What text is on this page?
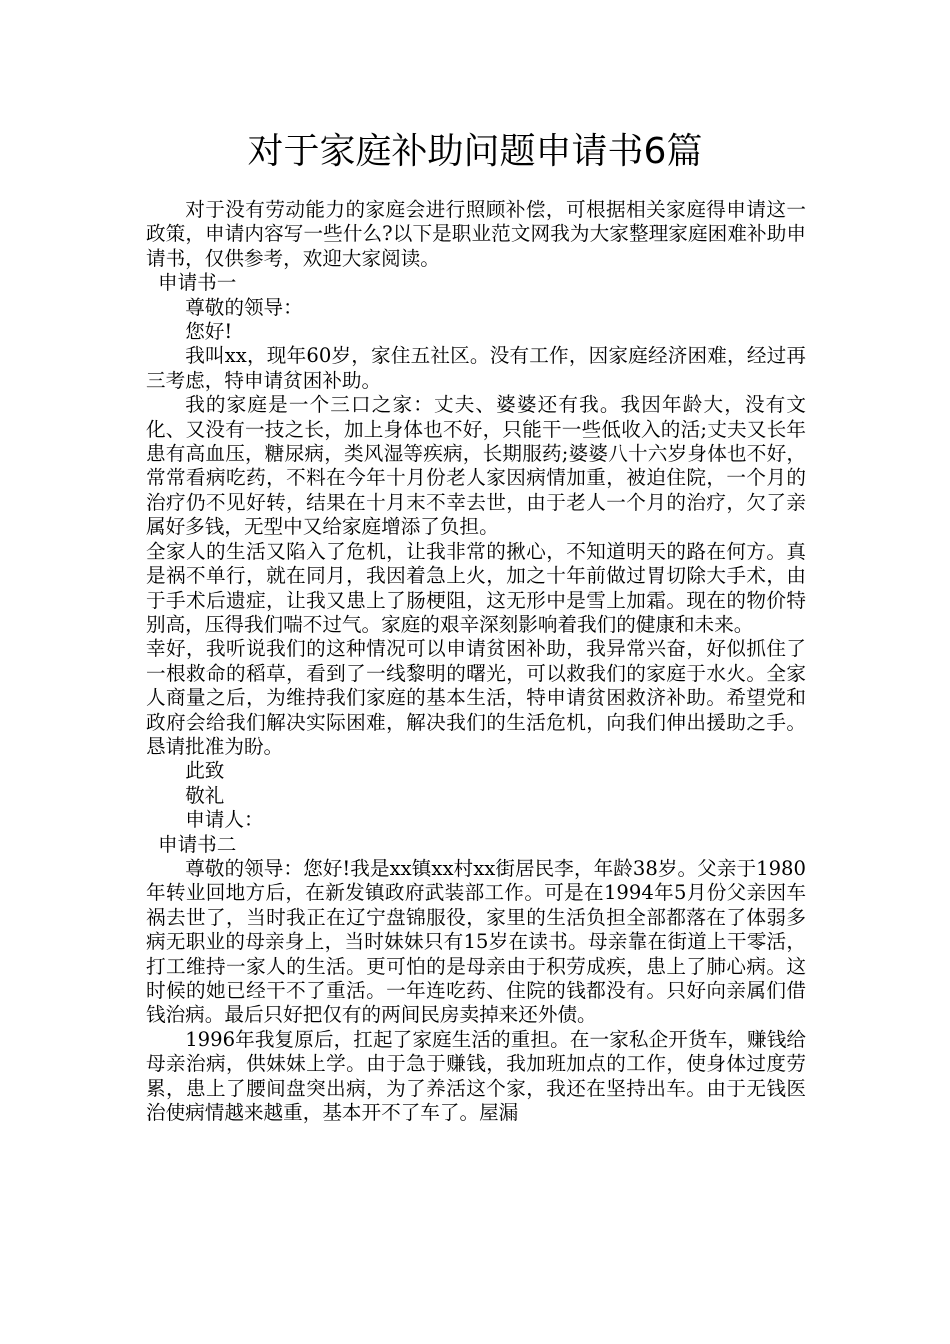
对于家庭补助问题申请书6篇

对于没有劳动能力的家庭会进行照顾补偿，可根据相关家庭得申请这一政策，申请内容写一些什么?以下是职业范文网我为大家整理家庭困难补助申请书，仅供参考，欢迎大家阅读。

申请书一

尊敬的领导：

您好!

我叫xx，现年60岁，家住五社区。没有工作，因家庭经济困难，经过再三考虑，特申请贫困补助。

我的家庭是一个三口之家：丈夫、婆婆还有我。我因年龄大，没有文化、又没有一技之长，加上身体也不好，只能干一些低收入的活;丈夫又长年患有高血压，糖尿病，类风湿等疾病，长期服药;婆婆八十六岁身体也不好，常常看病吃药，不料在今年十月份老人家因病情加重，被迫住院，一个月的治疗仍不见好转，结果在十月末不幸去世，由于老人一个月的治疗，欠了亲属好多钱，无型中又给家庭增添了负担。

全家人的生活又陷入了危机，让我非常的揪心，不知道明天的路在何方。真是祸不单行，就在同月，我因着急上火，加之十年前做过胃切除大手术，由于手术后遗症，让我又患上了肠梗阻，这无形中是雪上加霜。现在的物价特别高，压得我们喘不过气。家庭的艰辛深刻影响着我们的健康和未来。

幸好，我听说我们的这种情况可以申请贫困补助，我异常兴奋，好似抓住了一根救命的稻草，看到了一线黎明的曙光，可以救我们的家庭于水火。全家人商量之后，为维持我们家庭的基本生活，特申请贫困救济补助。希望党和政府会给我们解决实际困难，解决我们的生活危机，向我们伸出援助之手。恳请批准为盼。

此致

敬礼

申请人：

申请书二

尊敬的领导：您好!我是xx镇xx村xx街居民李，年龄38岁。父亲于1980年转业回地方后，在新发镇政府武装部工作。可是在1994年5月份父亲因车祸去世了，当时我正在辽宁盘锦服役，家里的生活负担全部都落在了体弱多病无职业的母亲身上，当时妹妹只有15岁在读书。母亲靠在街道上干零活，打工维持一家人的生活。更可怕的是母亲由于积劳成疾，患上了肺心病。这时候的她已经干不了重活。一年连吃药、住院的钱都没有。只好向亲属们借钱治病。最后只好把仅有的两间民房卖掉来还外债。

1996年我复原后，扛起了家庭生活的重担。在一家私企开货车，赚钱给母亲治病，供妹妹上学。由于急于赚钱，我加班加点的工作，使身体过度劳累，患上了腰间盘突出病，为了养活这个家，我还在坚持出车。由于无钱医治使病情越来越重，基本开不了车了。屋漏
